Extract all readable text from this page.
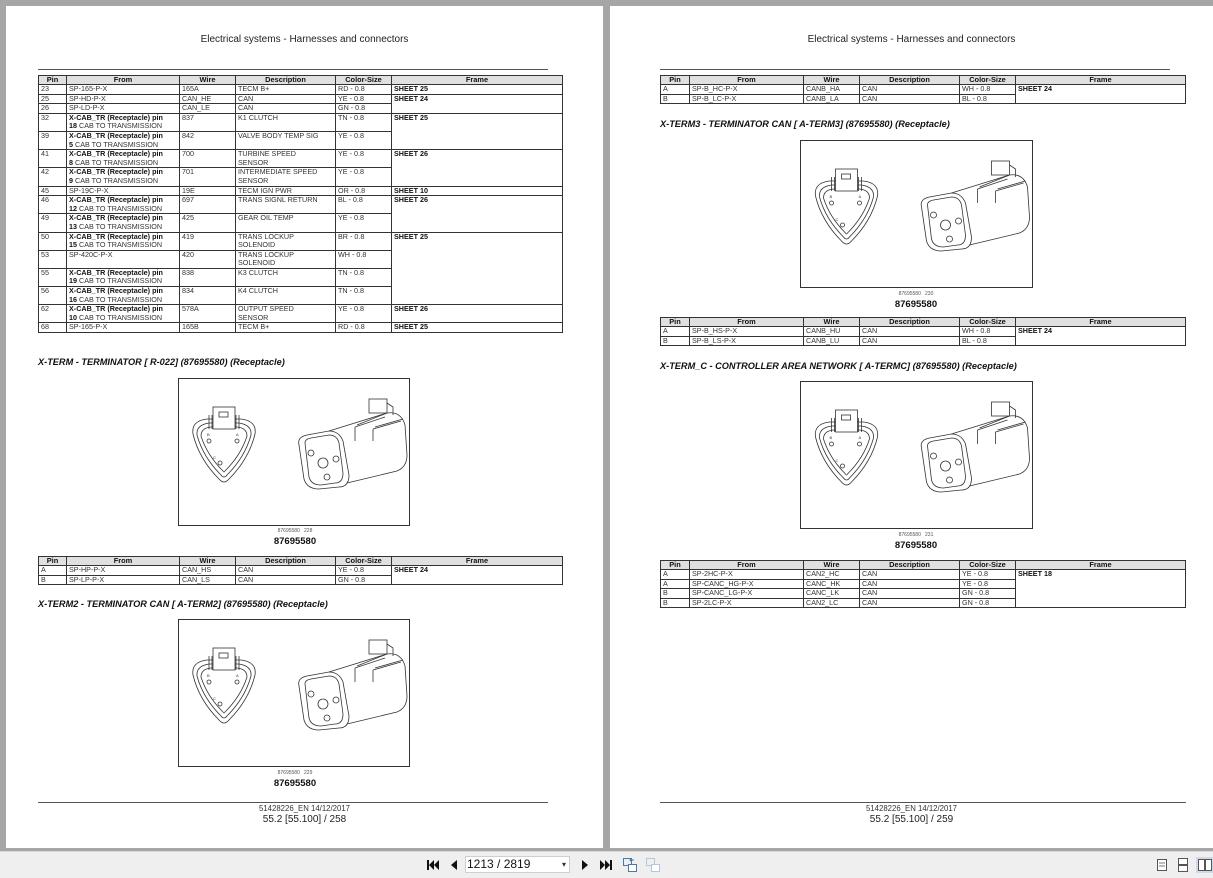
Electrical systems - Harnesses and connectors
Pin	From	Wire	Description	Color-Size	Frame
23	SP-165-P-X	165A	TECM B+	RD - 0.8	SHEET 25
25	SP-HD-P-X	CAN_HE	CAN	YE - 0.8	SHEET 24
26	SP-LD-P-X	CAN_LE	CAN	GN - 0.8	
32	X-CAB_TR (Receptacle) pin
18 CAB TO TRANSMISSION	837	K1 CLUTCH	TN - 0.8	SHEET 25
39	X-CAB_TR (Receptacle) pin
5 CAB TO TRANSMISSION	842	VALVE BODY TEMP SIG	YE - 0.8	
41	X-CAB_TR (Receptacle) pin
8 CAB TO TRANSMISSION	700	TURBINE SPEED
SENSOR	YE - 0.8	SHEET 26
42	X-CAB_TR (Receptacle) pin
9 CAB TO TRANSMISSION	701	INTERMEDIATE SPEED
SENSOR	YE - 0.8	
45	SP-19C-P-X	19E	TECM IGN PWR	OR - 0.8	SHEET 10
46	X-CAB_TR (Receptacle) pin
12 CAB TO TRANSMISSION	697	TRANS SIGNL RETURN	BL - 0.8	SHEET 26
49	X-CAB_TR (Receptacle) pin
13 CAB TO TRANSMISSION	425	GEAR OIL TEMP	YE - 0.8	
50	X-CAB_TR (Receptacle) pin
15 CAB TO TRANSMISSION	419	TRANS LOCKUP
SOLENOID	BR - 0.8	SHEET 25
53	SP-420C-P-X	420	TRANS LOCKUP
SOLENOID	WH - 0.8	
55	X-CAB_TR (Receptacle) pin
19 CAB TO TRANSMISSION	838	K3 CLUTCH	TN - 0.8	
56	X-CAB_TR (Receptacle) pin
16 CAB TO TRANSMISSION	834	K4 CLUTCH	TN - 0.8	
62	X-CAB_TR (Receptacle) pin
10 CAB TO TRANSMISSION	578A	OUTPUT SPEED
SENSOR	YE - 0.8	SHEET 26
68	SP-165-P-X	165B	TECM B+	RD - 0.8	SHEET 25
X-TERM - TERMINATOR [ R-022] (87695580) (Receptacle)
B	A
C
87695580 228
87695580
Pin	From	Wire	Description	Color-Size	Frame
A	SP-HP-P-X	CAN_HS	CAN	YE - 0.8	SHEET 24
B	SP-LP-P-X	CAN_LS	CAN	GN - 0.8	
X-TERM2 - TERMINATOR CAN [ A-TERM2] (87695580) (Receptacle)
B	A
C
87695580 229
87695580
51428226_EN 14/12/2017
55.2 [55.100] / 258
Electrical systems - Harnesses and connectors
Pin	From	Wire	Description	Color-Size	Frame
A	SP-B_HC-P-X	CANB_HA	CAN	WH - 0.8	SHEET 24
B	SP-B_LC-P-X	CANB_LA	CAN	BL - 0.8	
X-TERM3 - TERMINATOR CAN [ A-TERM3] (87695580) (Receptacle)
B	A
C
87695580 230
87695580
Pin	From	Wire	Description	Color-Size	Frame
A	SP-B_HS-P-X	CANB_HU	CAN	WH - 0.8	SHEET 24
B	SP-B_LS-P-X	CANB_LU	CAN	BL - 0.8	
X-TERM_C - CONTROLLER AREA NETWORK [ A-TERMC] (87695580) (Receptacle)
B	A
C
87695580 231
87695580
Pin	From	Wire	Description	Color-Size	Frame
A	SP-2HC-P-X	CAN2_HC	CAN	YE - 0.8	SHEET 18
A	SP-CANC_HG-P-X	CANC_HK	CAN	YE - 0.8	
B	SP-CANC_LG-P-X	CANC_LK	CAN	GN - 0.8	
B	SP-2LC-P-X	CAN2_LC	CAN	GN - 0.8	
51428226_EN 14/12/2017
55.2 [55.100] / 259
1213 / 2819	▾
